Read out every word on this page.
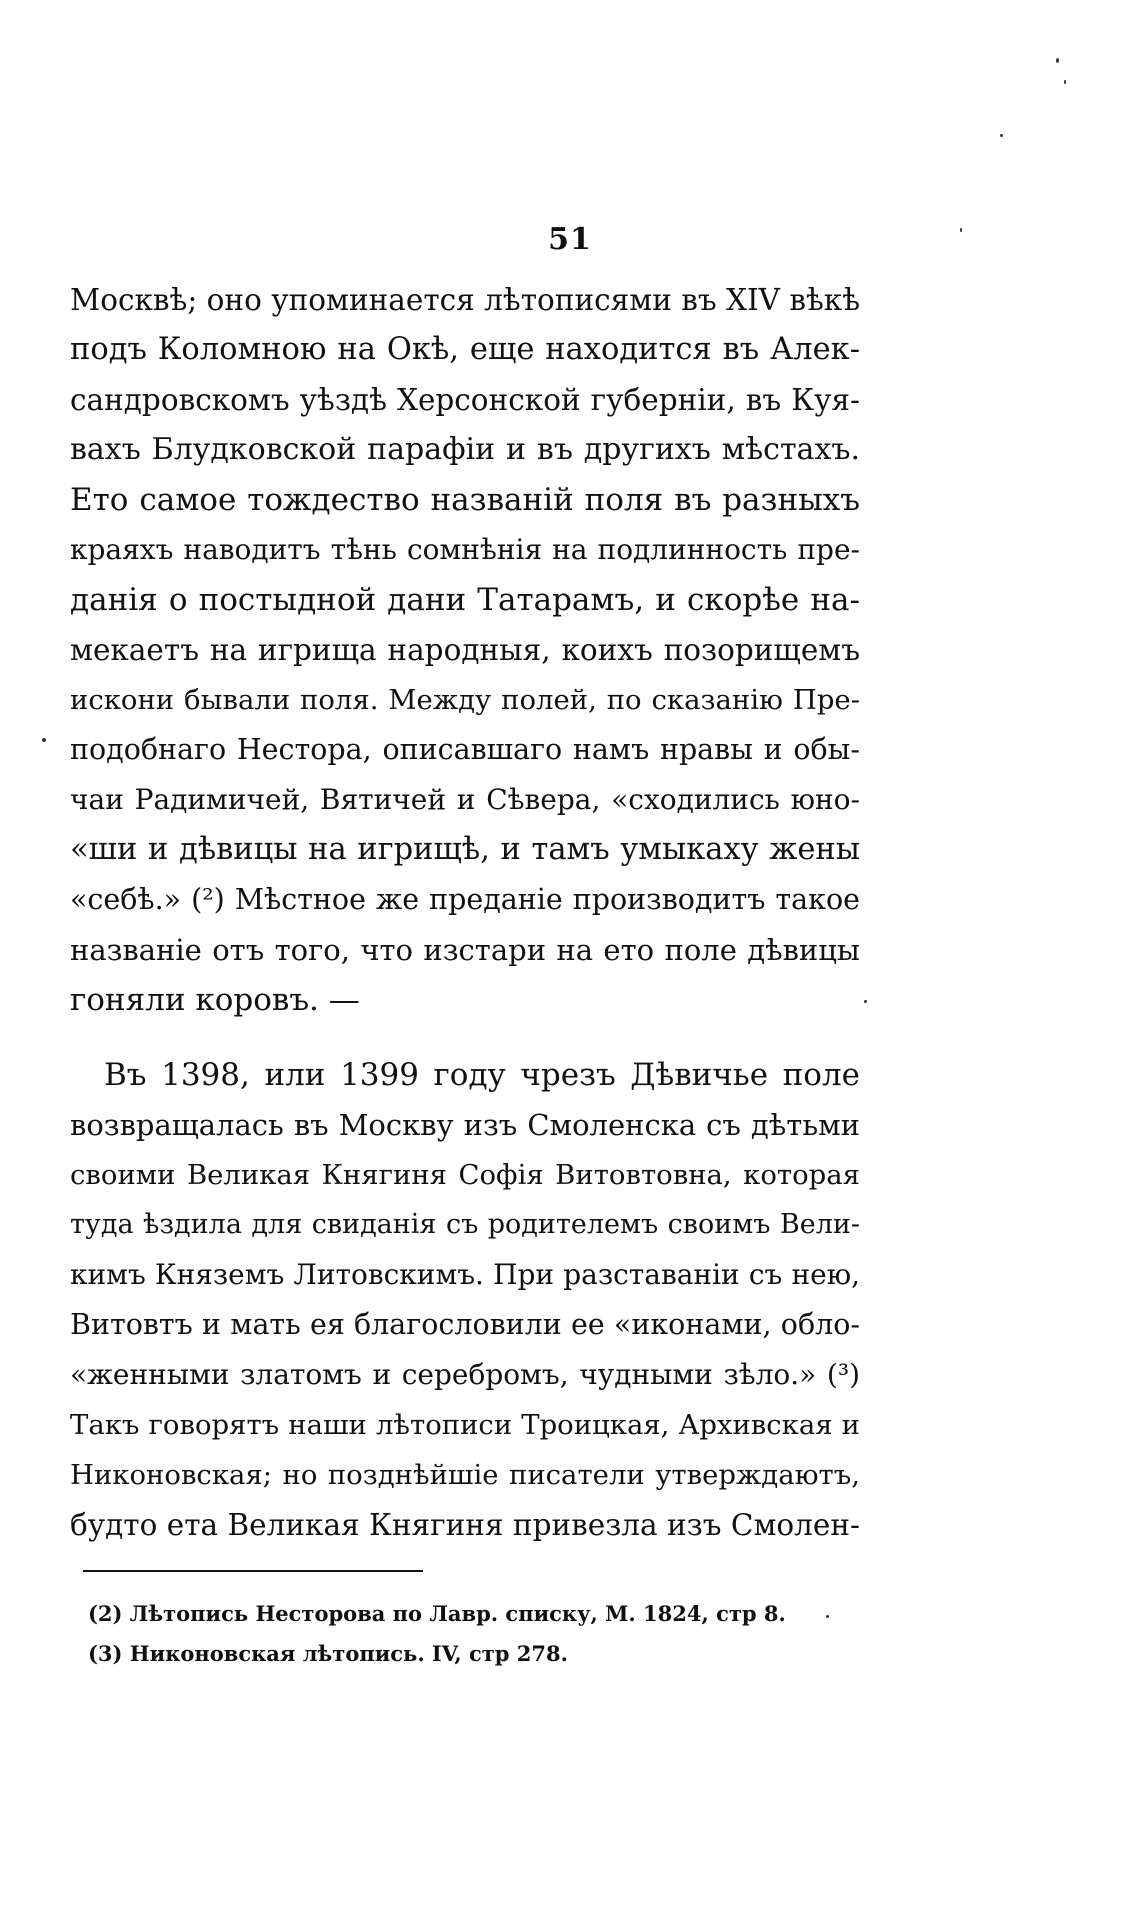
51
Москвѣ; оно упоминается лѣтописями въ XIV вѣкѣ
подъ Коломною на Окѣ, еще находится въ Алек-
сандровскомъ уѣздѣ Херсонской губерніи, въ Куя-
вахъ Блудковской парафіи и въ другихъ мѣстахъ.
Ето самое тождество названій поля въ разныхъ
краяхъ наводитъ тѣнь сомнѣнія на подлинность пре-
данія о постыдной дани Татарамъ, и скорѣе на-
мекаетъ на игрища народныя, коихъ позорищемъ
искони бывали поля. Между полей, по сказанію Пре-
подобнаго Нестора, описавшаго намъ нравы и обы-
чаи Радимичей, Вятичей и Сѣвера, «сходились юно-
«ши и дѣвицы на игрищѣ, и тамъ умыкаху жены
«себѣ.» (²) Мѣстное же преданіе производитъ такое
названіе отъ того, что изстари на ето поле дѣвицы
гоняли коровъ. —
Въ 1398, или 1399 году чрезъ Дѣвичье поле
возвращалась въ Москву изъ Смоленска съ дѣтьми
своими Великая Княгиня Софія Витовтовна, которая
туда ѣздила для свиданія съ родителемъ своимъ Вели-
кимъ Княземъ Литовскимъ. При разставаніи съ нею,
Витовтъ и мать ея благословили ее «иконами, обло-
«женными златомъ и серебромъ, чудными зѣло.» (³)
Такъ говорятъ наши лѣтописи Троицкая, Архивская и
Никоновская; но позднѣйшіе писатели утверждаютъ,
будто ета Великая Княгиня привезла изъ Смолен-
(2) Лѣтопись Несторова по Лавр. списку, М. 1824, стр 8.
(3) Никоновская лѣтопись. IV, стр 278.
